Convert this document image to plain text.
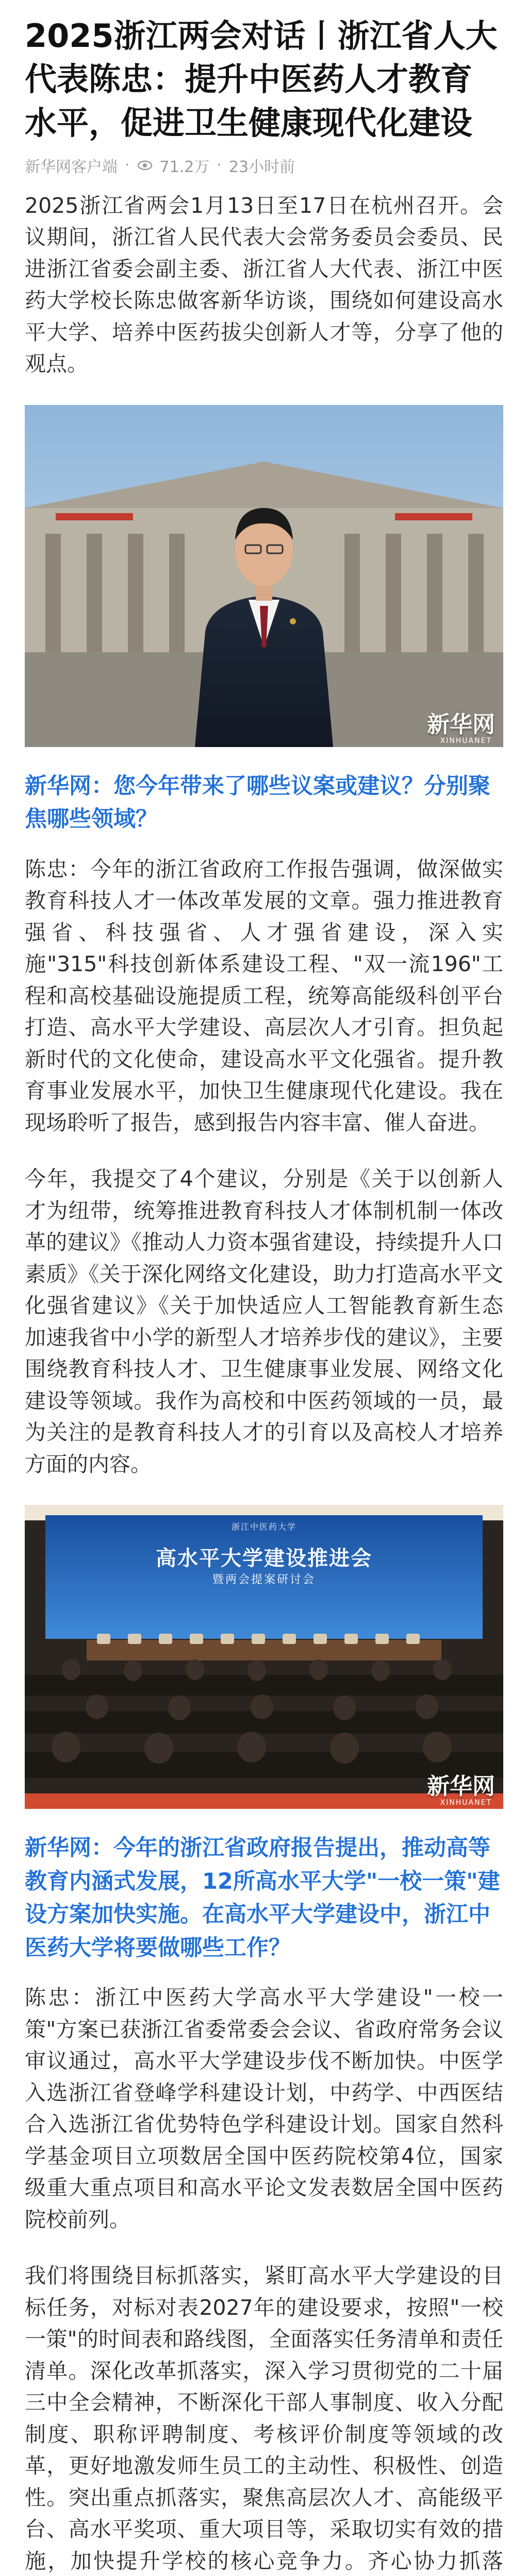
2025浙江两会对话丨浙江省人大代表陈忠：提升中医药人才教育水平，促进卫生健康现代化建设
新华网客户端 · 71.2万 · 23小时前

2025浙江省两会1月13日至17日在杭州召开。会议期间，浙江省人民代表大会常务委员会委员、民进浙江省委会副主委、浙江省人大代表、浙江中医药大学校长陈忠做客新华访谈，围绕如何建设高水平大学、培养中医药拔尖创新人才等，分享了他的观点。

新华网
XINHUANET

新华网：您今年带来了哪些议案或建议？分别聚焦哪些领域？

陈忠：今年的浙江省政府工作报告强调，做深做实教育科技人才一体改革发展的文章。强力推进教育强省、科技强省、人才强省建设，深入实施"315"科技创新体系建设工程、"双一流196"工程和高校基础设施提质工程，统筹高能级科创平台打造、高水平大学建设、高层次人才引育。担负起新时代的文化使命，建设高水平文化强省。提升教育事业发展水平，加快卫生健康现代化建设。我在现场聆听了报告，感到报告内容丰富、催人奋进。

今年，我提交了4个建议，分别是《关于以创新人才为纽带，统筹推进教育科技人才体制机制一体改革的建议》《推动人力资本强省建设，持续提升人口素质》《关于深化网络文化建设，助力打造高水平文化强省建议》《关于加快适应人工智能教育新生态 加速我省中小学的新型人才培养步伐的建议》，主要围绕教育科技人才、卫生健康事业发展、网络文化建设等领域。我作为高校和中医药领域的一员，最为关注的是教育科技人才的引育以及高校人才培养方面的内容。

浙江中医药大学
高水平大学建设推进会
暨两会提案研讨会
新华网
XINHUANET

新华网：今年的浙江省政府报告提出，推动高等教育内涵式发展，12所高水平大学"一校一策"建设方案加快实施。在高水平大学建设中，浙江中医药大学将要做哪些工作？

陈忠：浙江中医药大学高水平大学建设"一校一策"方案已获浙江省委常委会会议、省政府常务会议审议通过，高水平大学建设步伐不断加快。中医学入选浙江省登峰学科建设计划，中药学、中西医结合入选浙江省优势特色学科建设计划。国家自然科学基金项目立项数居全国中医药院校第4位，国家级重大重点项目和高水平论文发表数居全国中医药院校前列。

我们将围绕目标抓落实，紧盯高水平大学建设的目标任务，对标对表2027年的建设要求，按照"一校一策"的时间表和路线图，全面落实任务清单和责任清单。深化改革抓落实，深入学习贯彻党的二十届三中全会精神，不断深化干部人事制度、收入分配制度、职称评聘制度、考核评价制度等领域的改革，更好地激发师生员工的主动性、积极性、创造性。突出重点抓落实，聚焦高层次人才、高能级平台、高水平奖项、重大项目等，采取切实有效的措施，加快提升学校的核心竞争力。齐心协力抓落
